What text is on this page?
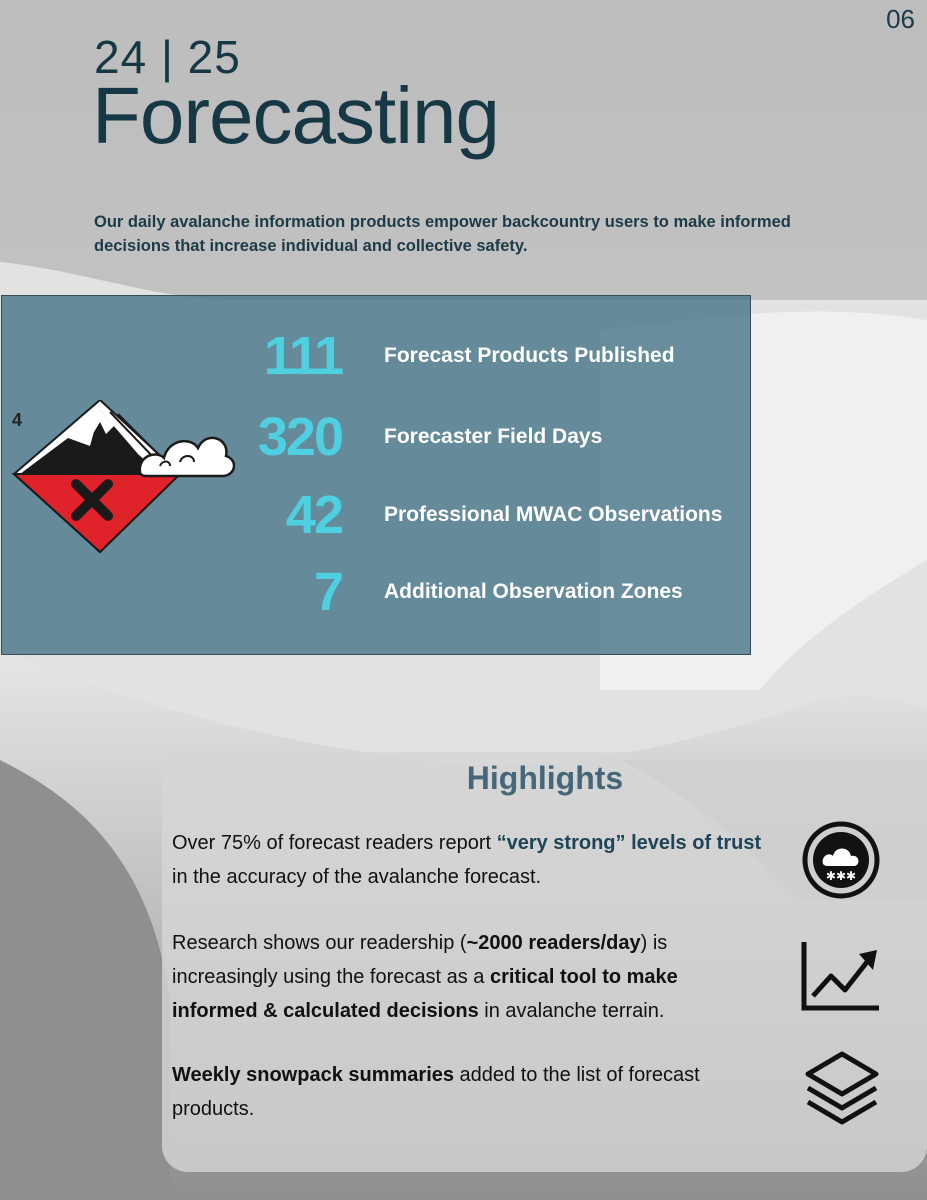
06
24 | 25
Forecasting
Our daily avalanche information products empower backcountry users to make informed decisions that increase individual and collective safety.
111 Forecast Products Published
320 Forecaster Field Days
42 Professional MWAC Observations
7 Additional Observation Zones
4
Highlights
Over 75% of forecast readers report “very strong” levels of trust in the accuracy of the avalanche forecast.
Research shows our readership (~2000 readers/day) is increasingly using the forecast as a critical tool to make informed & calculated decisions in avalanche terrain.
Weekly snowpack summaries added to the list of forecast products.
✱✱✱
